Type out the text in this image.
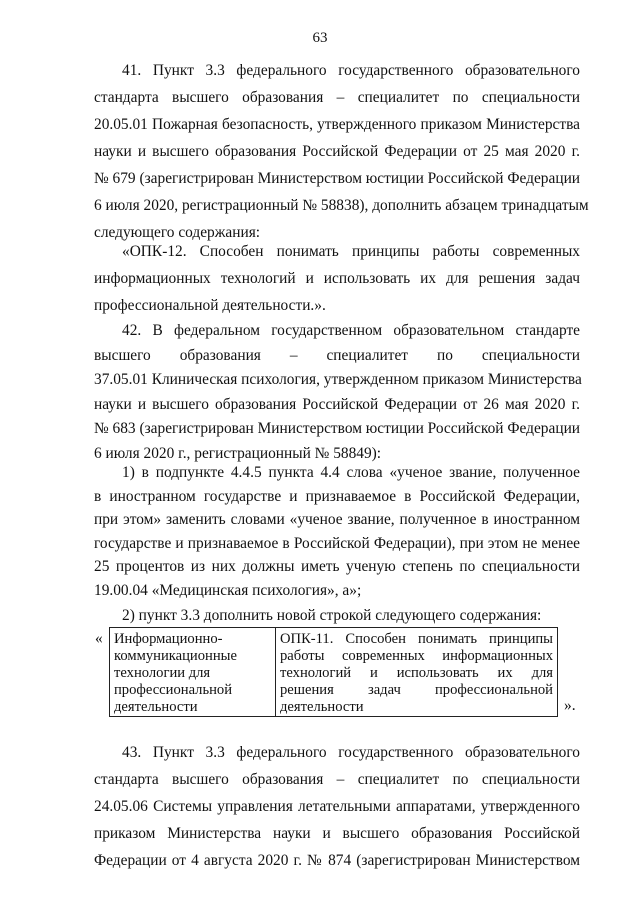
63
41. Пункт 3.3 федерального государственного образовательного
стандарта высшего образования – специалитет по специальности
20.05.01 Пожарная безопасность, утвержденного приказом Министерства
науки и высшего образования Российской Федерации от 25 мая 2020 г.
№ 679 (зарегистрирован Министерством юстиции Российской Федерации
6 июля 2020, регистрационный № 58838), дополнить абзацем тринадцатым
следующего содержания:
«ОПК-12. Способен понимать принципы работы современных
информационных технологий и использовать их для решения задач
профессиональной деятельности.».
42. В федеральном государственном образовательном стандарте
высшего образования – специалитет по специальности
37.05.01 Клиническая психология, утвержденном приказом Министерства
науки и высшего образования Российской Федерации от 26 мая 2020 г.
№ 683 (зарегистрирован Министерством юстиции Российской Федерации
6 июля 2020 г., регистрационный № 58849):
1) в подпункте 4.4.5 пункта 4.4 слова «ученое звание, полученное
в иностранном государстве и признаваемое в Российской Федерации,
при этом» заменить словами «ученое звание, полученное в иностранном
государстве и признаваемое в Российской Федерации), при этом не менее
25 процентов из них должны иметь ученую степень по специальности
19.00.04 «Медицинская психология», а»;
2) пункт 3.3 дополнить новой строкой следующего содержания:
« Информационно-
коммуникационные
технологии для
профессиональной
деятельности
ОПК-11. Способен понимать принципы
работы современных информационных
технологий и использовать их для
решения задач профессиональной
деятельности	».
43. Пункт 3.3 федерального государственного образовательного
стандарта высшего образования – специалитет по специальности
24.05.06 Системы управления летательными аппаратами, утвержденного
приказом Министерства науки и высшего образования Российской
Федерации от 4 августа 2020 г. № 874 (зарегистрирован Министерством
